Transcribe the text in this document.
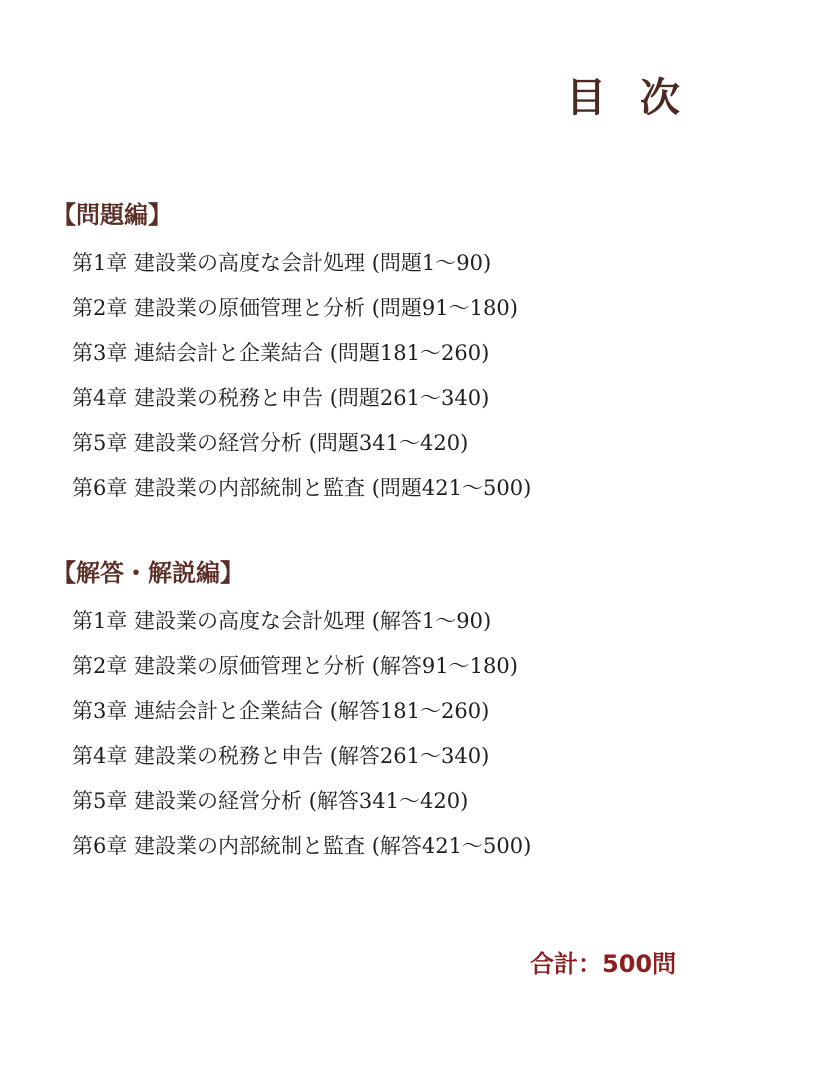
目 次
【問題編】
第1章 建設業の高度な会計処理 (問題1～90)
第2章 建設業の原価管理と分析 (問題91～180)
第3章 連結会計と企業結合 (問題181～260)
第4章 建設業の税務と申告 (問題261～340)
第5章 建設業の経営分析 (問題341～420)
第6章 建設業の内部統制と監査 (問題421～500)
【解答・解説編】
第1章 建設業の高度な会計処理 (解答1～90)
第2章 建設業の原価管理と分析 (解答91～180)
第3章 連結会計と企業結合 (解答181～260)
第4章 建設業の税務と申告 (解答261～340)
第5章 建設業の経営分析 (解答341～420)
第6章 建設業の内部統制と監査 (解答421～500)
合計：500問
